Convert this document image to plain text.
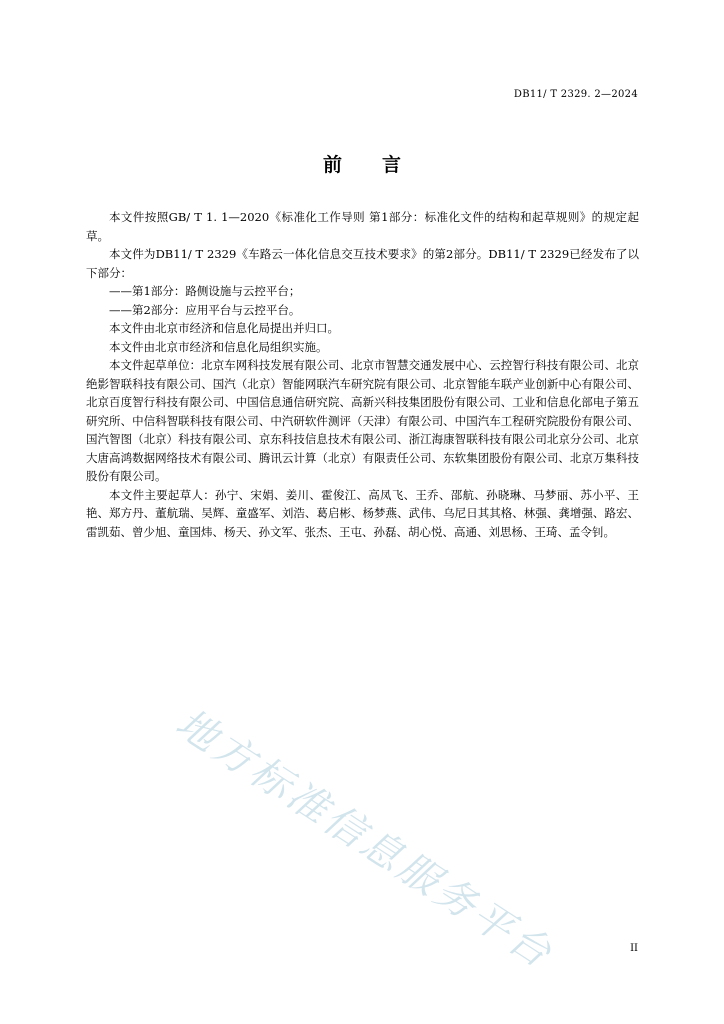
DB11/ T 2329. 2—2024
前言

本文件按照GB/ T 1. 1—2020《标准化工作导则 第1部分：标准化文件的结构和起草规则》的规定起草。

本文件为DB11/ T 2329《车路云一体化信息交互技术要求》的第2部分。DB11/ T 2329已经发布了以下部分：

——第1部分：路侧设施与云控平台；

——第2部分：应用平台与云控平台。

本文件由北京市经济和信息化局提出并归口。

本文件由北京市经济和信息化局组织实施。

本文件起草单位：北京车网科技发展有限公司、北京市智慧交通发展中心、云控智行科技有限公司、北京绝影智联科技有限公司、国汽（北京）智能网联汽车研究院有限公司、北京智能车联产业创新中心有限公司、北京百度智行科技有限公司、中国信息通信研究院、高新兴科技集团股份有限公司、工业和信息化部电子第五研究所、中信科智联科技有限公司、中汽研软件测评（天津）有限公司、中国汽车工程研究院股份有限公司、国汽智图（北京）科技有限公司、京东科技信息技术有限公司、浙江海康智联科技有限公司北京分公司、北京大唐高鸿数据网络技术有限公司、腾讯云计算（北京）有限责任公司、东软集团股份有限公司、北京万集科技股份有限公司。

本文件主要起草人：孙宁、宋娟、姜川、霍俊江、高凤飞、王乔、邵航、孙晓琳、马梦丽、苏小平、王艳、郑方丹、董航瑞、吴辉、童盛军、刘浩、葛启彬、杨梦燕、武伟、乌尼日其其格、林强、龚增强、路宏、雷凯茹、曾少旭、童国炜、杨天、孙文军、张杰、王屯、孙磊、胡心悦、高通、刘思杨、王琦、孟令钊。

地方标准信息服务平台	II
